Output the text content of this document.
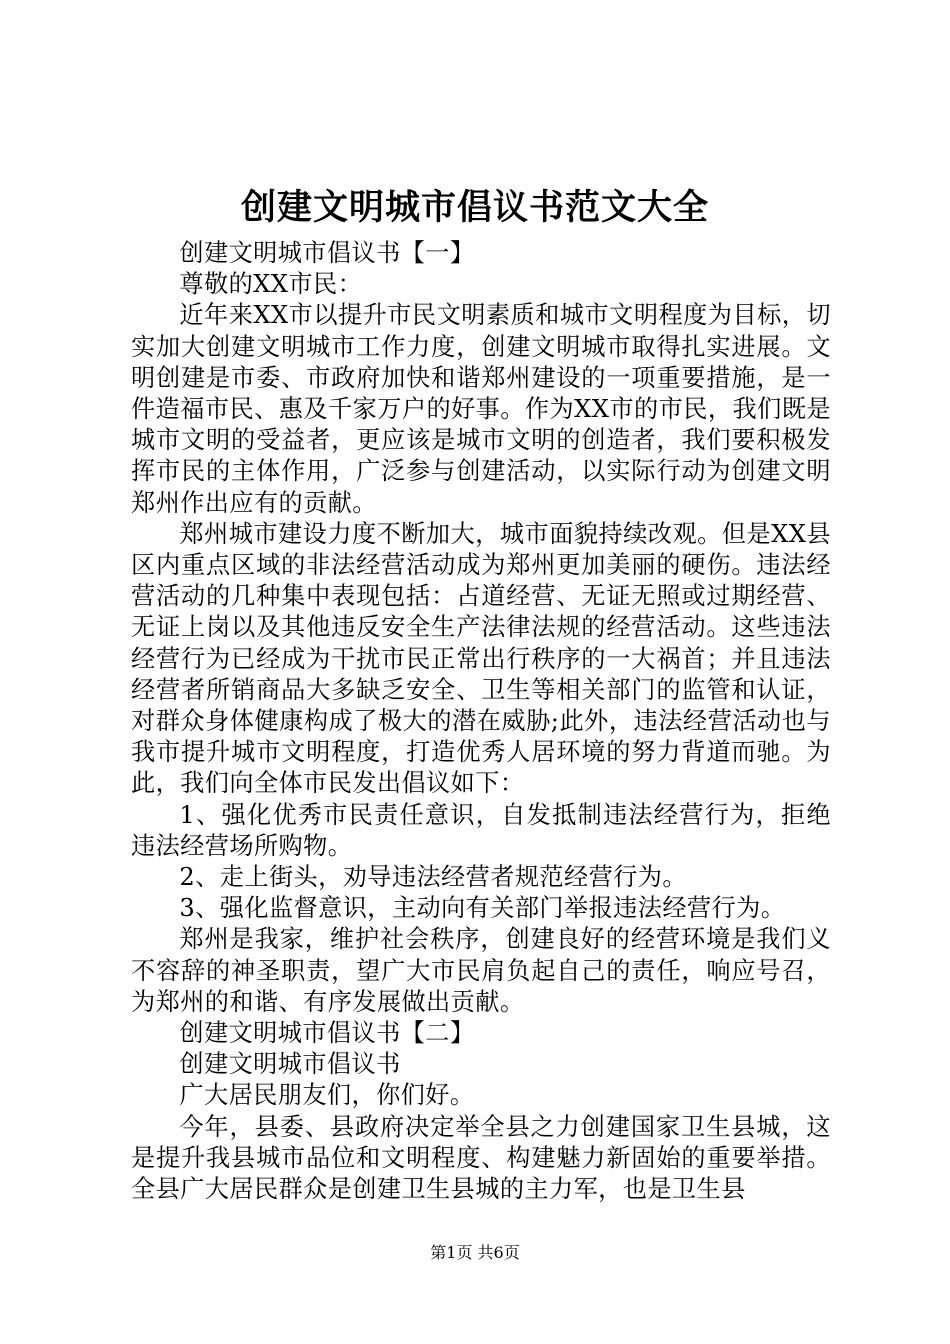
创建文明城市倡议书范文大全

创建文明城市倡议书【一】

尊敬的XX市民：

近年来XX市以提升市民文明素质和城市文明程度为目标，切实加大创建文明城市工作力度，创建文明城市取得扎实进展。文明创建是市委、市政府加快和谐郑州建设的一项重要措施，是一件造福市民、惠及千家万户的好事。作为XX市的市民，我们既是城市文明的受益者，更应该是城市文明的创造者，我们要积极发挥市民的主体作用，广泛参与创建活动，以实际行动为创建文明郑州作出应有的贡献。

郑州城市建设力度不断加大，城市面貌持续改观。但是XX县区内重点区域的非法经营活动成为郑州更加美丽的硬伤。违法经营活动的几种集中表现包括：占道经营、无证无照或过期经营、无证上岗以及其他违反安全生产法律法规的经营活动。这些违法经营行为已经成为干扰市民正常出行秩序的一大祸首；并且违法经营者所销商品大多缺乏安全、卫生等相关部门的监管和认证，对群众身体健康构成了极大的潜在威胁;此外，违法经营活动也与我市提升城市文明程度，打造优秀人居环境的努力背道而驰。为此，我们向全体市民发出倡议如下：

1、强化优秀市民责任意识，自发抵制违法经营行为，拒绝违法经营场所购物。

2、走上街头，劝导违法经营者规范经营行为。

3、强化监督意识，主动向有关部门举报违法经营行为。

郑州是我家，维护社会秩序，创建良好的经营环境是我们义不容辞的神圣职责，望广大市民肩负起自己的责任，响应号召，为郑州的和谐、有序发展做出贡献。

创建文明城市倡议书【二】

创建文明城市倡议书

广大居民朋友们，你们好。

今年，县委、县政府决定举全县之力创建国家卫生县城，这是提升我县城市品位和文明程度、构建魅力新固始的重要举措。全县广大居民群众是创建卫生县城的主力军，也是卫生县

第1页 共6页
